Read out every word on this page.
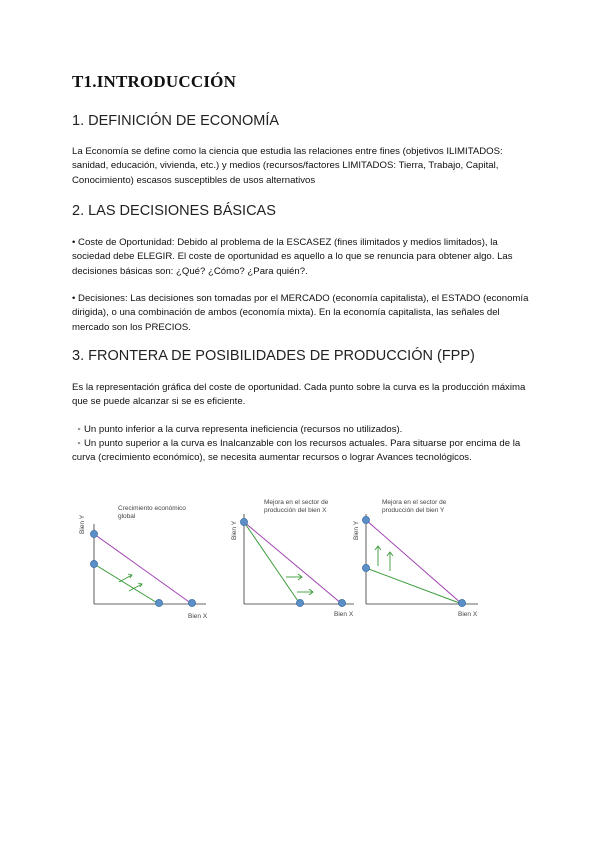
T1.INTRODUCCIÓN
1. DEFINICIÓN DE ECONOMÍA

La Economía se define como la ciencia que estudia las relaciones entre fines (objetivos ILIMITADOS: sanidad, educación, vivienda, etc.) y medios (recursos/factores LIMITADOS: Tierra, Trabajo, Capital, Conocimiento) escasos susceptibles de usos alternativos

2. LAS DECISIONES BÁSICAS

• Coste de Oportunidad: Debido al problema de la ESCASEZ (fines ilimitados y medios limitados), la sociedad debe ELEGIR. El coste de oportunidad es aquello a lo que se renuncia para obtener algo. Las decisiones básicas son: ¿Qué? ¿Cómo? ¿Para quién?.

• Decisiones: Las decisiones son tomadas por el MERCADO (economía capitalista), el ESTADO (economía dirigida), o una combinación de ambos (economía mixta). En la economía capitalista, las señales del mercado son los PRECIOS.

3. FRONTERA DE POSIBILIDADES DE PRODUCCIÓN (FPP)

Es la representación gráfica del coste de oportunidad. Cada punto sobre la curva es la producción máxima que se puede alcanzar si se es eficiente.

◦ Un punto inferior a la curva representa ineficiencia (recursos no utilizados).

◦ Un punto superior a la curva es Inalcanzable con los recursos actuales. Para situarse por encima de la curva (crecimiento económico), se necesita aumentar recursos o lograr Avances tecnológicos.

Crecimiento económico
global
Bien Y
Bien X
Mejora en el sector de
producción del bien X
Bien Y
Bien X
Mejora en el sector de
producción del bien Y
Bien Y
Bien X
